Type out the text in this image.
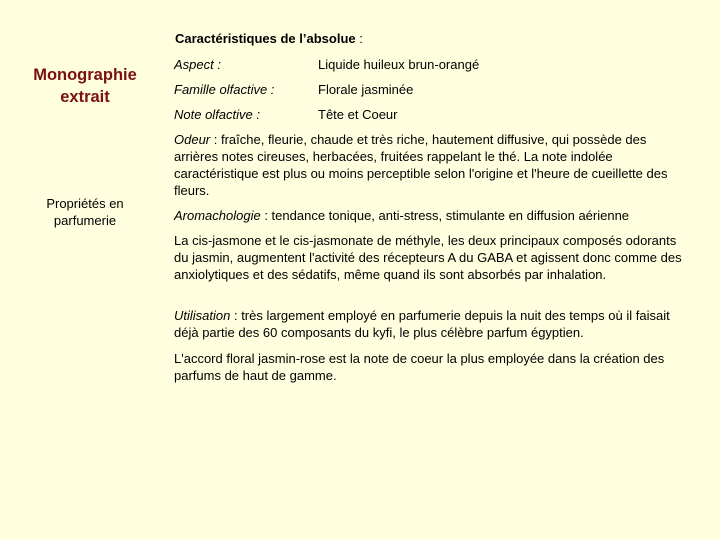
Monographie
extrait
Propriétés en
parfumerie
Caractéristiques de l’absolue :
Aspect :	Liquide huileux brun-orangé
Famille olfactive :	Florale jasminée
Note olfactive :	Tête et Coeur
Odeur : fraîche, fleurie, chaude et très riche, hautement diffusive, qui possède des arrières notes cireuses, herbacées, fruitées rappelant le thé. La note indolée caractéristique est plus ou moins perceptible selon l'origine et l'heure de cueillette des fleurs.
Aromachologie : tendance tonique, anti-stress, stimulante en diffusion aérienne
La cis-jasmone et le cis-jasmonate de méthyle, les deux principaux composés odorants du jasmin, augmentent l'activité des récepteurs A du GABA et agissent donc comme des anxiolytiques et des sédatifs, même quand ils sont absorbés par inhalation.
Utilisation : très largement employé en parfumerie depuis la nuit des temps où il faisait déjà partie des 60 composants du kyfi, le plus célèbre parfum égyptien.
L'accord floral jasmin-rose est la note de coeur la plus employée dans la création des parfums de haut de gamme.
